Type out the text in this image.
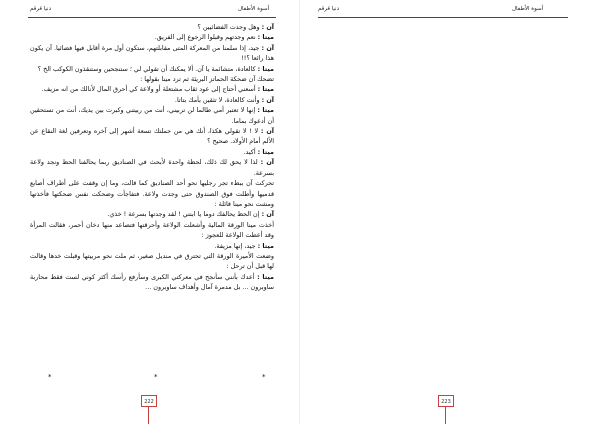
دنيا قرقم	أسوة الأطفال	دنيا قرقم	أسوة الأطفال

آن : وهل وجدت الفضائيين ؟

ميتا : نعم وجدتهم وقبلوا الرجوع إلى الفريق.

آن : جيد، إذا سلمنا من المعركة المتى مقابلتهم، ستكون أول مرة أقابل فيها فضائيا. آن يكون هذا رائعا ؟!!

ميتا : كالعادة، متشائمة يا آن. ألا يمكنك أن تقولي لي ؛ ستنجحين وستنقذون الكوكب الخ ؟

تضحك آن ضحكة الحماتز البريئة ثم ترد مينا بقولها :

ميتا : أسعني أحتاج إلى عود ثقاب مشتعلة أو ولاعة كي أحرق المال لأنالك من انه مزيف.

آن : وأنت كالعادة، لا تثقين بأمك بتاتا.

ميتا : إنها لا تعتبر أمي طالما لن تربيني، أنت من ربيتني وكبرت بين يديك، أنت من تستحقين أن أدعوك بماما.

آن : لا ! لا تقولي هكذا، أنك هي من حملتك تسعة أشهر إلى آخره وتعرفين لغة النقاع عن الألم أمام الأولاد. صحيح ؟

ميتا : أكيد.

آن : لذا لا يحق لك ذلك، لحظة واحدة لأبحث في الصناديق ربما يحالفنا الحظ ونجد ولاعة بسرعة.

تحركت آن ببطء تجر رجليها نحو أحد الصناديق كما قالت، وما إن وقفت على أطراف أصابع قدميها وأطلت فوق الصندوق حتى وجدت ولاعة. فتفاجأت وضحكت نفس ضحكتها فأخذتها ومشت نحو مينا قائلة :

آن : إن الحظ يحالفك دوما يا ابنتي ! لقد وجدتها بسرعة ! خذي.

أخذت مينا الورقة المالية وأشعلت الولاعة وأحرقتها فتصاعد منها دخان أحمر، فقالت المرأة وقد أعطت الولاعة للعجوز :

ميتا : جيد، إنها مزيفة.

وضعت الأميرة الورقة التي تحترق في منديل صغير، ثم ملت نحو مربيتها وقبلت خدها وقالت لها قبل أن ترحل :

ميتا : أعدك بأنني سأنجح في معركتي الكبرى وسأرفع رأسك أكثر كوني لست فقط محاربة ساوبرون ... بل مدمرة آمال وأهداف ساوبرون ...

*	*	*
222	223
